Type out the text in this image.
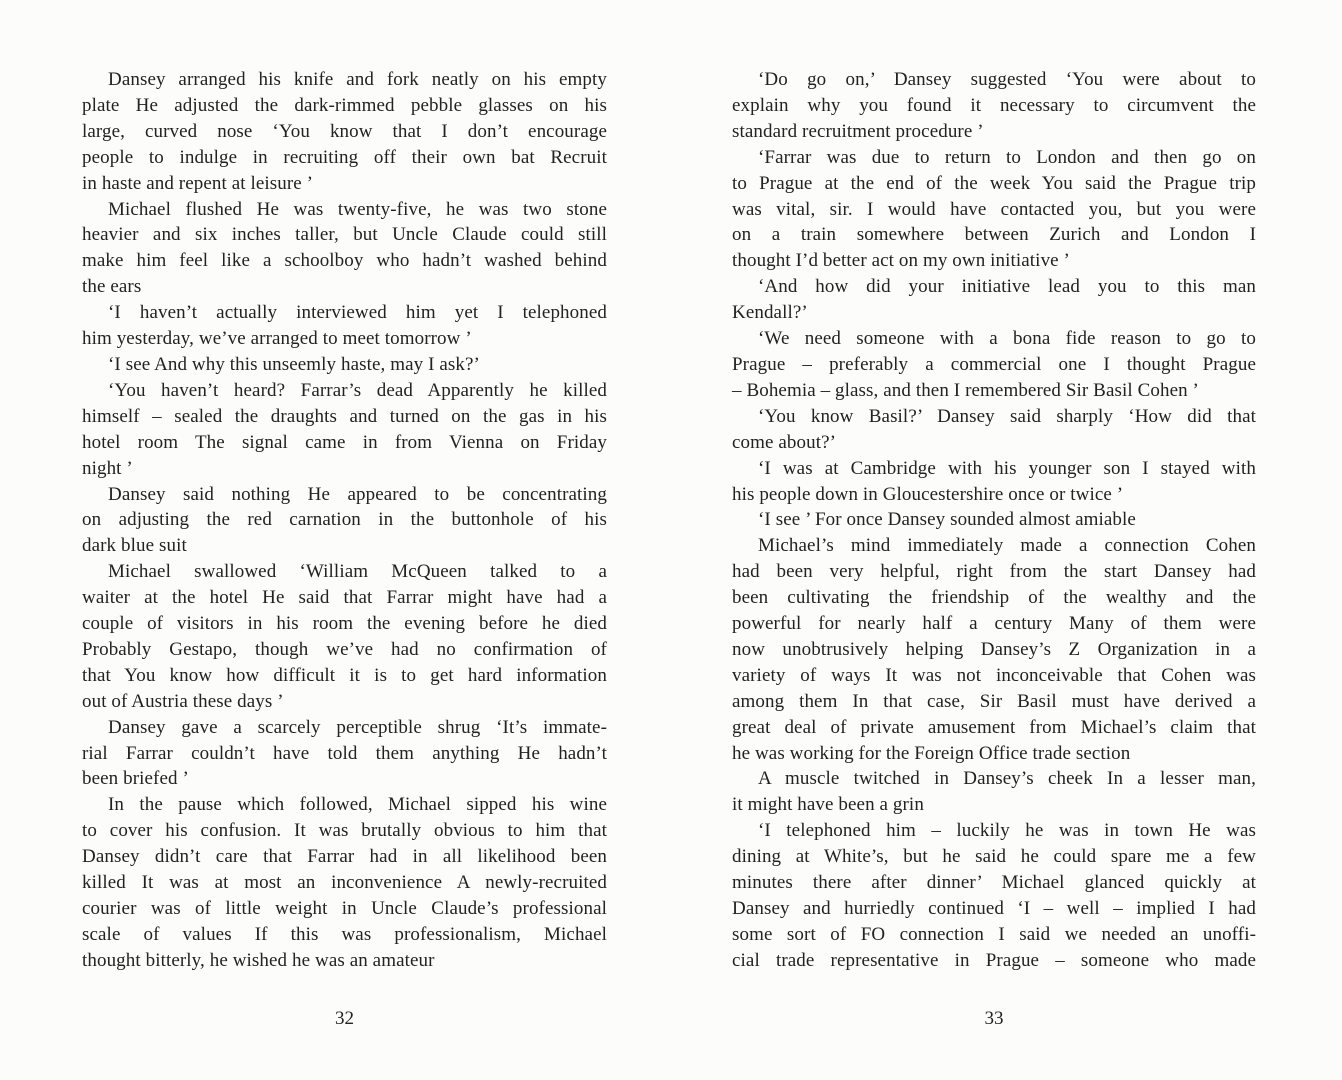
Dansey arranged his knife and fork neatly on his empty
plate He adjusted the dark-rimmed pebble glasses on his
large, curved nose ‘You know that I don’t encourage
people to indulge in recruiting off their own bat Recruit
in haste and repent at leisure ’
Michael flushed He was twenty-five, he was two stone
heavier and six inches taller, but Uncle Claude could still
make him feel like a schoolboy who hadn’t washed behind
the ears
‘I haven’t actually interviewed him yet I telephoned
him yesterday, we’ve arranged to meet tomorrow ’
‘I see And why this unseemly haste, may I ask?’
‘You haven’t heard? Farrar’s dead Apparently he killed
himself – sealed the draughts and turned on the gas in his
hotel room The signal came in from Vienna on Friday
night ’
Dansey said nothing He appeared to be concentrating
on adjusting the red carnation in the buttonhole of his
dark blue suit
Michael swallowed ‘William McQueen talked to a
waiter at the hotel He said that Farrar might have had a
couple of visitors in his room the evening before he died
Probably Gestapo, though we’ve had no confirmation of
that You know how difficult it is to get hard information
out of Austria these days ’
Dansey gave a scarcely perceptible shrug ‘It’s immate-
rial Farrar couldn’t have told them anything He hadn’t
been briefed ’
In the pause which followed, Michael sipped his wine
to cover his confusion. It was brutally obvious to him that
Dansey didn’t care that Farrar had in all likelihood been
killed It was at most an inconvenience A newly-recruited
courier was of little weight in Uncle Claude’s professional
scale of values If this was professionalism, Michael
thought bitterly, he wished he was an amateur
32
‘Do go on,’ Dansey suggested ‘You were about to
explain why you found it necessary to circumvent the
standard recruitment procedure ’
‘Farrar was due to return to London and then go on
to Prague at the end of the week You said the Prague trip
was vital, sir. I would have contacted you, but you were
on a train somewhere between Zurich and London I
thought I’d better act on my own initiative ’
‘And how did your initiative lead you to this man
Kendall?’
‘We need someone with a bona fide reason to go to
Prague – preferably a commercial one I thought Prague
– Bohemia – glass, and then I remembered Sir Basil Cohen ’
‘You know Basil?’ Dansey said sharply ‘How did that
come about?’
‘I was at Cambridge with his younger son I stayed with
his people down in Gloucestershire once or twice ’
‘I see ’ For once Dansey sounded almost amiable
Michael’s mind immediately made a connection Cohen
had been very helpful, right from the start Dansey had
been cultivating the friendship of the wealthy and the
powerful for nearly half a century Many of them were
now unobtrusively helping Dansey’s Z Organization in a
variety of ways It was not inconceivable that Cohen was
among them In that case, Sir Basil must have derived a
great deal of private amusement from Michael’s claim that
he was working for the Foreign Office trade section
A muscle twitched in Dansey’s cheek In a lesser man,
it might have been a grin
‘I telephoned him – luckily he was in town He was
dining at White’s, but he said he could spare me a few
minutes there after dinner’ Michael glanced quickly at
Dansey and hurriedly continued ‘I – well – implied I had
some sort of FO connection I said we needed an unoffi-
cial trade representative in Prague – someone who made
33
